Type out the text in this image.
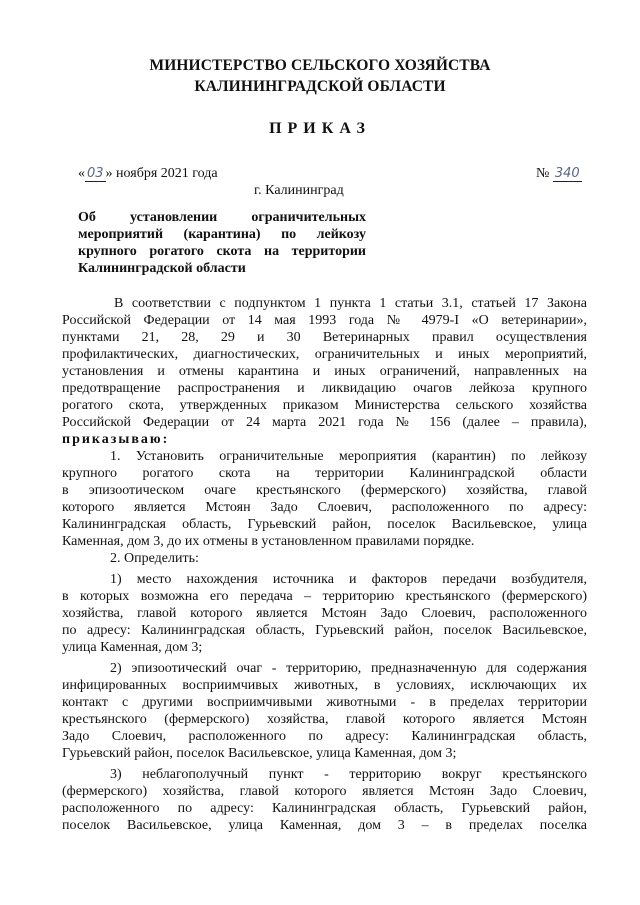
МИНИСТЕРСТВО СЕЛЬСКОГО ХОЗЯЙСТВА
КАЛИНИНГРАДСКОЙ ОБЛАСТИ
ПРИКАЗ
« 03 » ноября 2021 года	№ 340
г. Калининград
Об установлении ограничительных
мероприятий (карантина) по лейкозу
крупного рогатого скота на территории
Калининградской области
В соответствии с подпунктом 1 пункта 1 статьи 3.1, статьей 17 Закона
Российской Федерации от 14 мая 1993 года № 4979-I «О ветеринарии»,
пунктами 21, 28, 29 и 30 Ветеринарных правил осуществления
профилактических, диагностических, ограничительных и иных мероприятий,
установления и отмены карантина и иных ограничений, направленных на
предотвращение распространения и ликвидацию очагов лейкоза крупного
рогатого скота, утвержденных приказом Министерства сельского хозяйства
Российской Федерации от 24 марта 2021 года № 156 (далее – правила),
приказываю:
1. Установить ограничительные мероприятия (карантин) по лейкозу
крупного рогатого скота на территории Калининградской области
в эпизоотическом очаге крестьянского (фермерского) хозяйства, главой
которого является Мстоян Задо Слоевич, расположенного по адресу:
Калининградская область, Гурьевский район, поселок Васильевское, улица
Каменная, дом 3, до их отмены в установленном правилами порядке.
2. Определить:
1) место нахождения источника и факторов передачи возбудителя,
в которых возможна его передача – территорию крестьянского (фермерского)
хозяйства, главой которого является Мстоян Задо Слоевич, расположенного
по адресу: Калининградская область, Гурьевский район, поселок Васильевское,
улица Каменная, дом 3;
2) эпизоотический очаг - территорию, предназначенную для содержания
инфицированных восприимчивых животных, в условиях, исключающих их
контакт с другими восприимчивыми животными - в пределах территории
крестьянского (фермерского) хозяйства, главой которого является Мстоян
Задо Слоевич, расположенного по адресу: Калининградская область,
Гурьевский район, поселок Васильевское, улица Каменная, дом 3;
3) неблагополучный пункт - территорию вокруг крестьянского
(фермерского) хозяйства, главой которого является Мстоян Задо Слоевич,
расположенного по адресу: Калининградская область, Гурьевский район,
поселок Васильевское, улица Каменная, дом 3 – в пределах поселка
